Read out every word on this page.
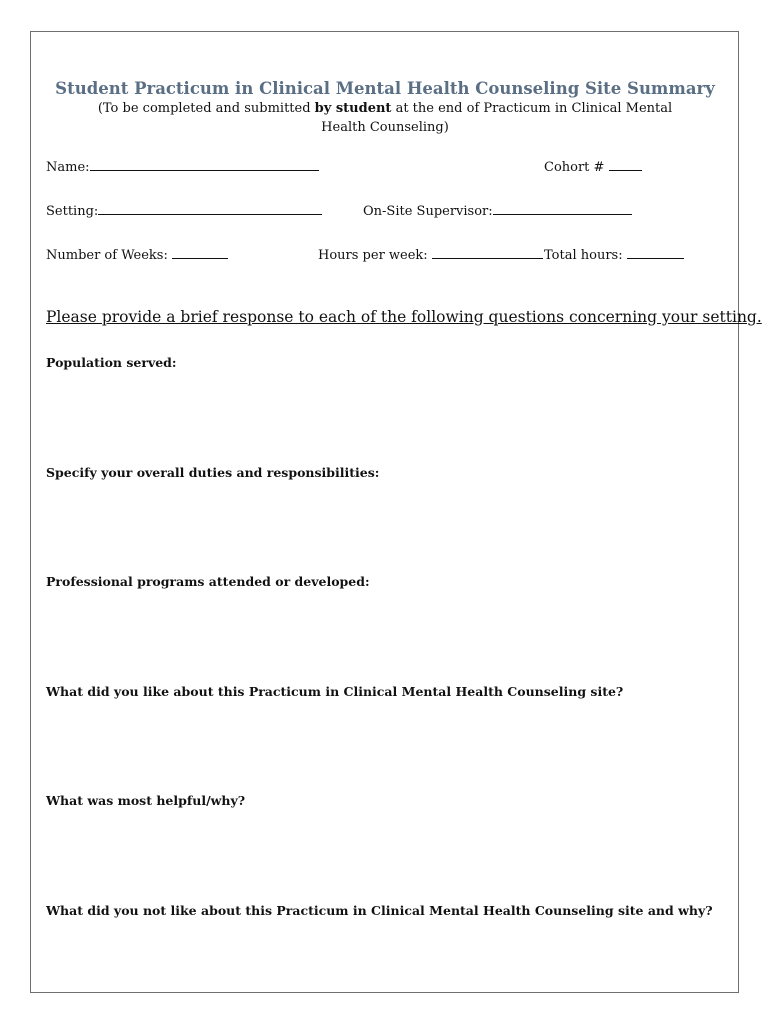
Student Practicum in Clinical Mental Health Counseling Site Summary
(To be completed and submitted by student at the end of Practicum in Clinical Mental Health Counseling)
Name:	Cohort #
Setting:	On-Site Supervisor:
Number of Weeks:	Hours per week:	Total hours:
Please provide a brief response to each of the following questions concerning your setting.
Population served:
Specify your overall duties and responsibilities:
Professional programs attended or developed:
What did you like about this Practicum in Clinical Mental Health Counseling site?
What was most helpful/why?
What did you not like about this Practicum in Clinical Mental Health Counseling site and why?
